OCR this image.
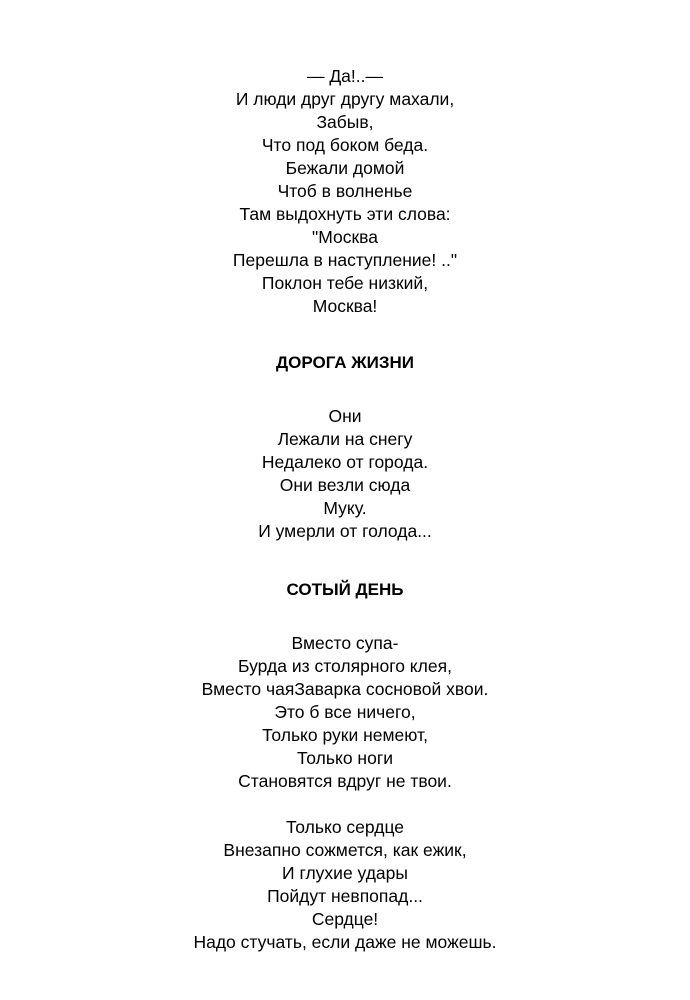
— Да!..—
И люди друг другу махали,
Забыв,
Что под боком беда.
Бежали домой
Чтоб в волненье
Там выдохнуть эти слова:
"Москва
Перешла в наступление! .."
Поклон тебе низкий,
Москва!
ДОРОГА ЖИЗНИ
Они
Лежали на снегу
Недалеко от города.
Они везли сюда
Муку.
И умерли от голода...
СОТЫЙ ДЕНЬ
Вместо супа-
Бурда из столярного клея,
Вместо чаяЗаварка сосновой хвои.
Это б все ничего,
Только руки немеют,
Только ноги
Становятся вдруг не твои.
Только сердце
Внезапно сожмется, как ежик,
И глухие удары
Пойдут невпопад...
Сердце!
Надо стучать, если даже не можешь.
